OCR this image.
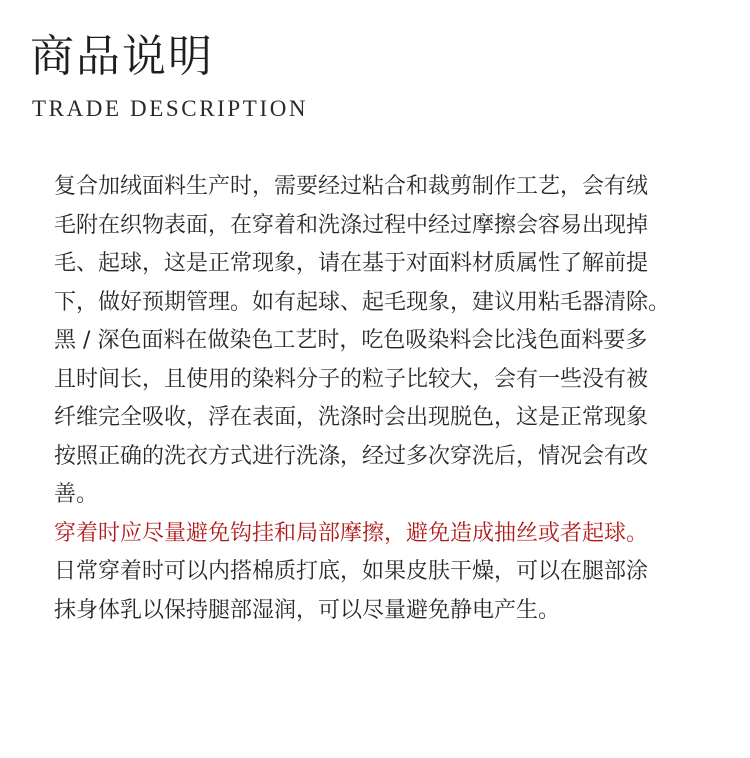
商品说明
TRADE DESCRIPTION
复合加绒面料生产时，需要经过粘合和裁剪制作工艺，会有绒
毛附在织物表面，在穿着和洗涤过程中经过摩擦会容易出现掉
毛、起球，这是正常现象，请在基于对面料材质属性了解前提
下，做好预期管理。如有起球、起毛现象，建议用粘毛器清除。
黑 / 深色面料在做染色工艺时，吃色吸染料会比浅色面料要多
且时间长，且使用的染料分子的粒子比较大，会有一些没有被
纤维完全吸收，浮在表面，洗涤时会出现脱色，这是正常现象
按照正确的洗衣方式进行洗涤，经过多次穿洗后，情况会有改
善。
穿着时应尽量避免钩挂和局部摩擦，避免造成抽丝或者起球。
日常穿着时可以内搭棉质打底，如果皮肤干燥，可以在腿部涂
抹身体乳以保持腿部湿润，可以尽量避免静电产生。
